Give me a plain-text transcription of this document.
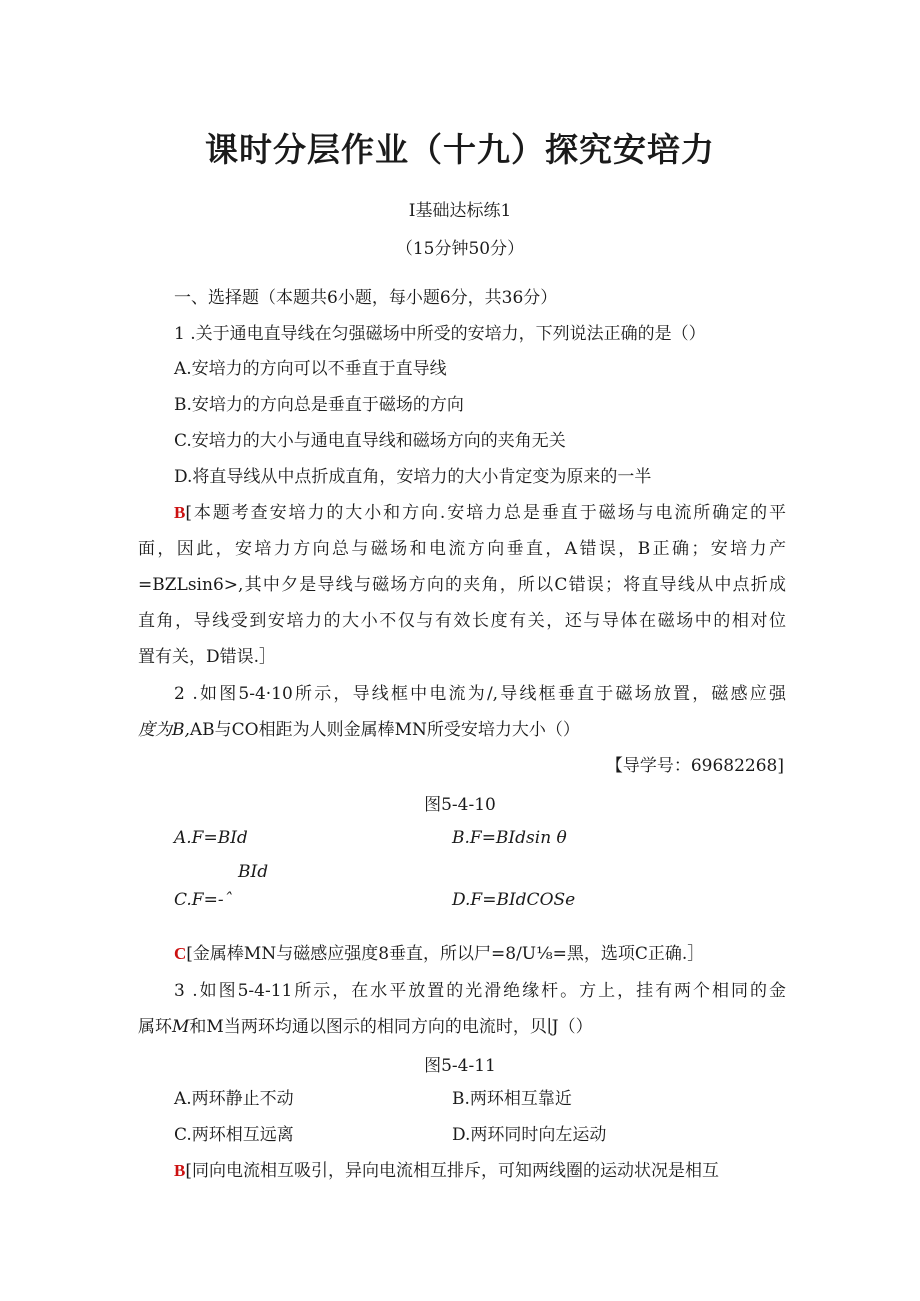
课时分层作业（十九）探究安培力
I基础达标练1
（15分钟50分）
一、选择题（本题共6小题，每小题6分，共36分）
1 .关于通电直导线在匀强磁场中所受的安培力，下列说法正确的是（）
A.安培力的方向可以不垂直于直导线
B.安培力的方向总是垂直于磁场的方向
C.安培力的大小与通电直导线和磁场方向的夹角无关
D.将直导线从中点折成直角，安培力的大小肯定变为原来的一半
B[本题考查安培力的大小和方向.安培力总是垂直于磁场与电流所确定的平
面，因此，安培力方向总与磁场和电流方向垂直，A错误，B正确；安培力产
=BZLsin6>,其中夕是导线与磁场方向的夹角，所以C错误；将直导线从中点折成
直角，导线受到安培力的大小不仅与有效长度有关，还与导体在磁场中的相对位
置有关，D错误.］
2 .如图5-4·10所示，导线框中电流为/,导线框垂直于磁场放置，磁感应强
度为B,AB与CO相距为人则金属棒MN所受安培力大小（）
【导学号：69682268]
图5-4-10
A.F=BId	B.F=BIdsin θ
BId
C.F=-ˆ	D.F=BIdCOSe
C[金属棒MN与磁感应强度8垂直，所以尸=8∕U⅛=黑，选项C正确.］
3 .如图5-4-11所示，在水平放置的光滑绝缘杆。方上，挂有两个相同的金
属环M和M当两环均通以图示的相同方向的电流时，贝∣J（）
图5-4-11
A.两环静止不动	B.两环相互靠近
C.两环相互远离	D.两环同时向左运动
B[同向电流相互吸引，异向电流相互排斥，可知两线圈的运动状况是相互
